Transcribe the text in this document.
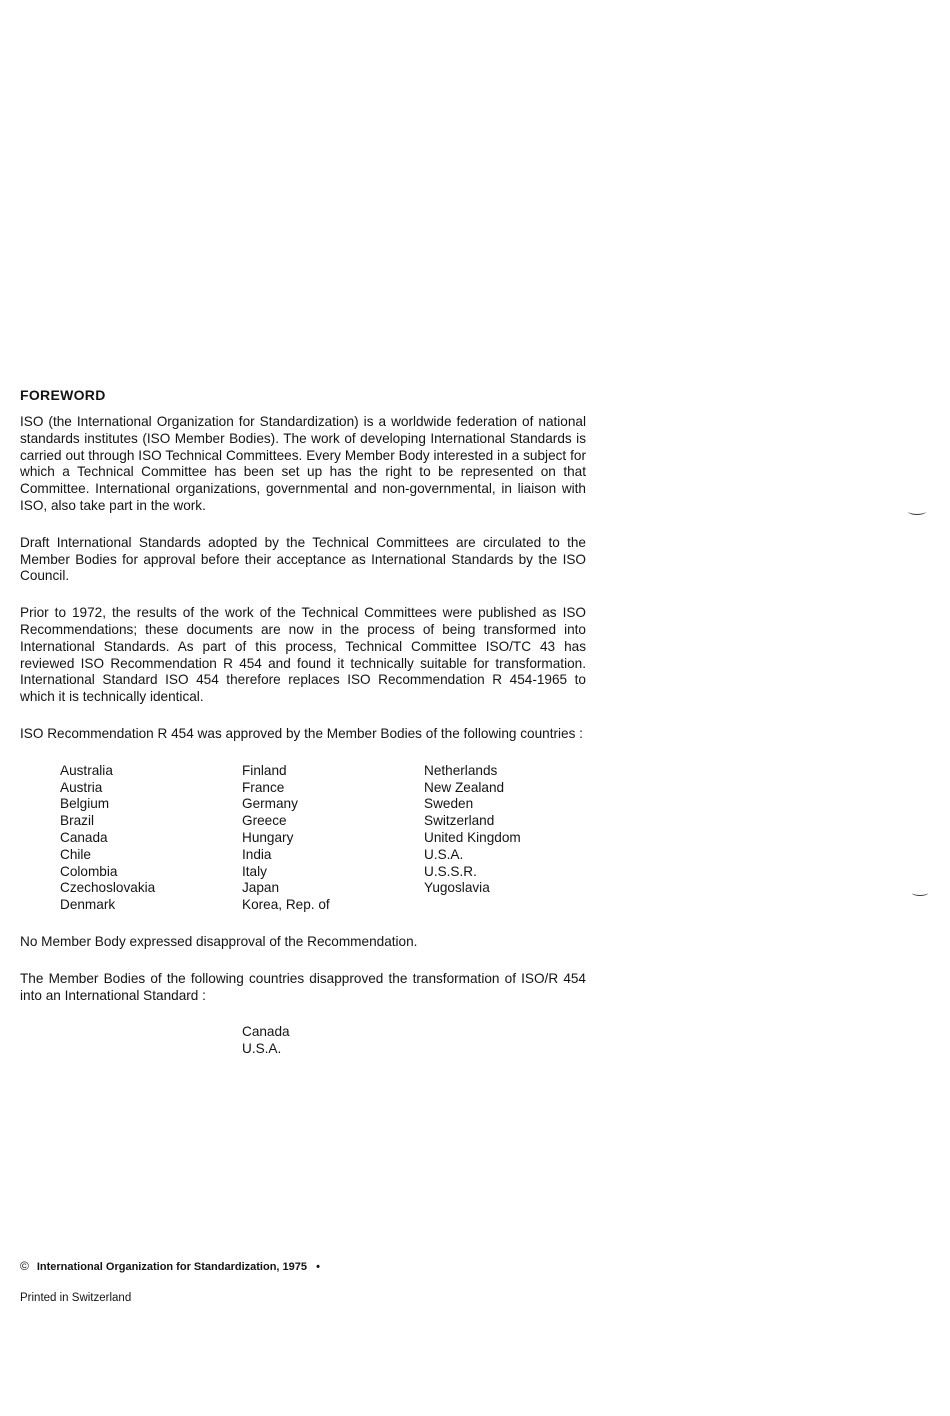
FOREWORD

ISO (the International Organization for Standardization) is a worldwide federation of national standards institutes (ISO Member Bodies). The work of developing International Standards is carried out through ISO Technical Committees. Every Member Body interested in a subject for which a Technical Committee has been set up has the right to be represented on that Committee. International organizations, governmental and non-governmental, in liaison with ISO, also take part in the work.

Draft International Standards adopted by the Technical Committees are circulated to the Member Bodies for approval before their acceptance as International Standards by the ISO Council.

Prior to 1972, the results of the work of the Technical Committees were published as ISO Recommendations; these documents are now in the process of being transformed into International Standards. As part of this process, Technical Committee ISO/TC 43 has reviewed ISO Recommendation R 454 and found it technically suitable for transformation. International Standard ISO 454 therefore replaces ISO Recommendation R 454-1965 to which it is technically identical.

ISO Recommendation R 454 was approved by the Member Bodies of the following countries :

Australia
Austria
Belgium
Brazil
Canada
Chile
Colombia
Czechoslovakia
Denmark
Finland
France
Germany
Greece
Hungary
India
Italy
Japan
Korea, Rep. of
Netherlands
New Zealand
Sweden
Switzerland
United Kingdom
U.S.A.
U.S.S.R.
Yugoslavia

No Member Body expressed disapproval of the Recommendation.

The Member Bodies of the following countries disapproved the transformation of ISO/R 454 into an International Standard :

Canada
U.S.A.
© International Organization for Standardization, 1975 •
Printed in Switzerland
